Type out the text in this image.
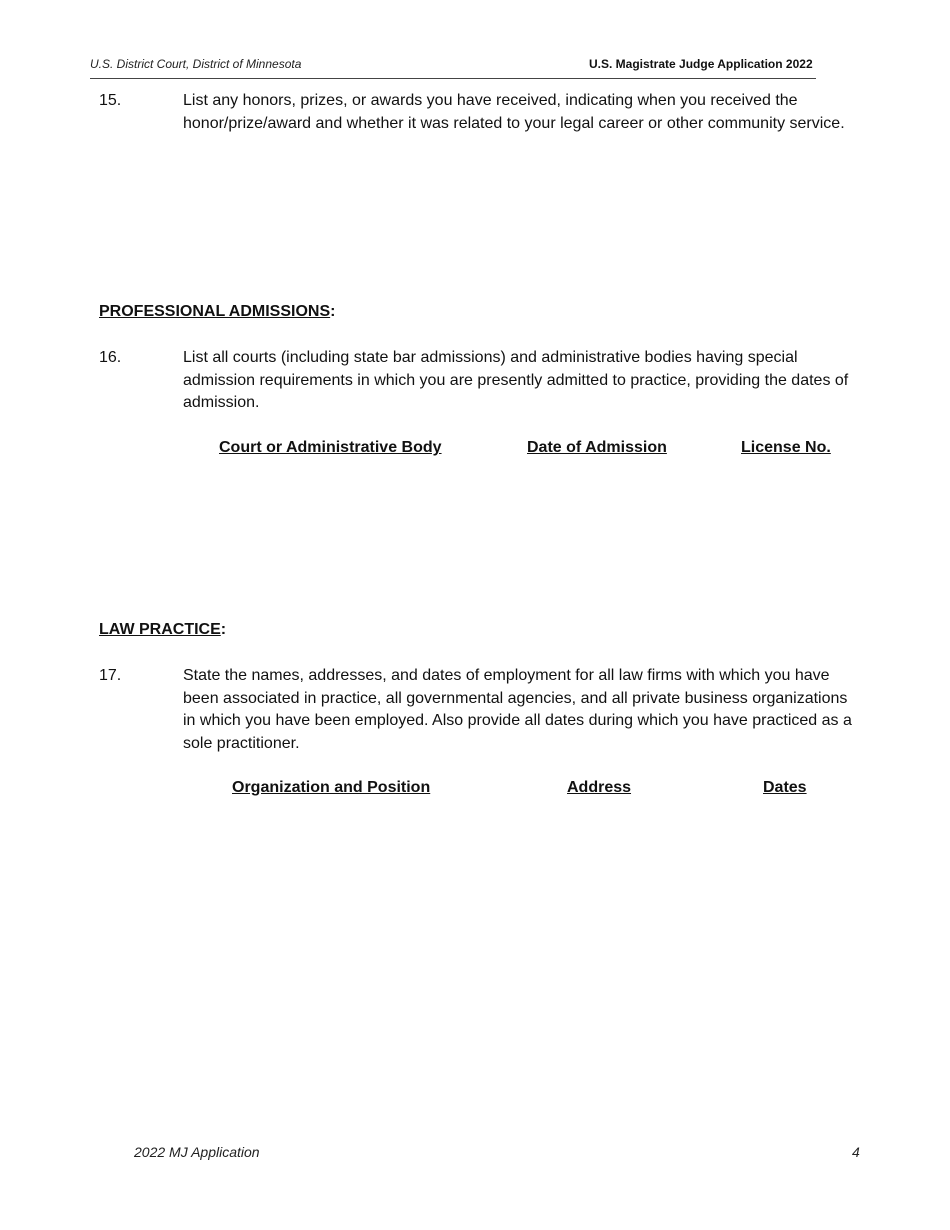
U.S. District Court, District of Minnesota	U.S. Magistrate Judge Application 2022
15.	List any honors, prizes, or awards you have received, indicating when you received the honor/prize/award and whether it was related to your legal career or other community service.
PROFESSIONAL ADMISSIONS:
16.	List all courts (including state bar admissions) and administrative bodies having special admission requirements in which you are presently admitted to practice, providing the dates of admission.
Court or Administrative Body	Date of Admission	License No.
LAW PRACTICE:
17.	State the names, addresses, and dates of employment for all law firms with which you have been associated in practice, all governmental agencies, and all private business organizations in which you have been employed. Also provide all dates during which you have practiced as a sole practitioner.
Organization and Position	Address	Dates
2022 MJ Application	4
